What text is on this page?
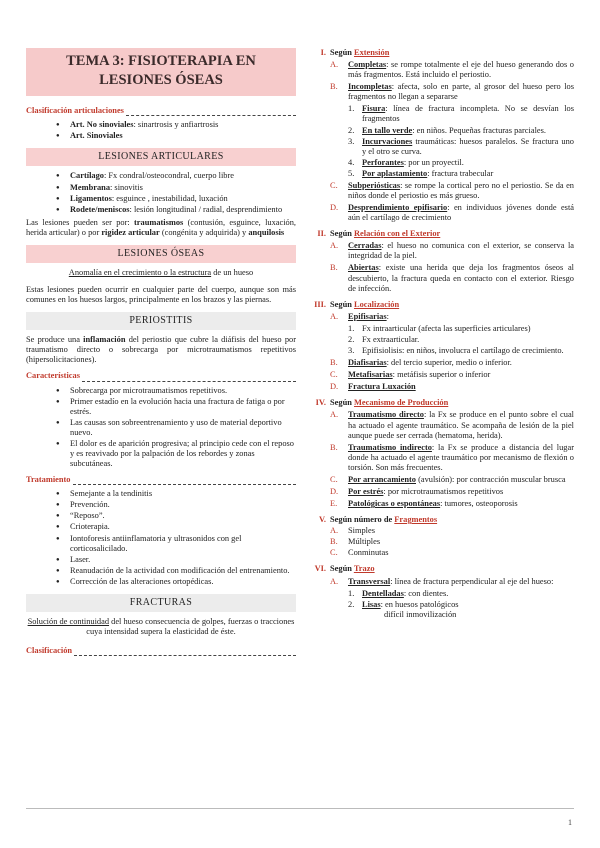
TEMA 3: FISIOTERAPIA EN LESIONES ÓSEAS
Clasificación articulaciones
● Art. No sinoviales: sinartrosis y anfiartrosis
● Art. Sinoviales
LESIONES ARTICULARES
● Cartílago: Fx condral/osteocondral, cuerpo libre
● Membrana: sinovitis
● Ligamentos: esguince , inestabilidad, luxación
● Rodete/meniscos: lesión longitudinal / radial, desprendimiento

Las lesiones pueden ser por: traumatismos (contusión, esguince, luxación, herida articular) o por rigidez articular (congénita y adquirida) y anquilosis

LESIONES ÓSEAS

Anomalía en el crecimiento o la estructura de un hueso

Estas lesiones pueden ocurrir en cualquier parte del cuerpo, aunque son más comunes en los huesos largos, principalmente en los brazos y las piernas.

PERIOSTITIS

Se produce una inflamación del periostio que cubre la diáfisis del hueso por traumatismo directo o sobrecarga por microtraumatismos repetitivos (hipersolicitaciones).

Características
● Sobrecarga por microtraumatismos repetitivos.
● Primer estadío en la evolución hacia una fractura de fatiga o por estrés.
● Las causas son sobreentrenamiento y uso de material deportivo nuevo.
● El dolor es de aparición progresiva; al principio cede con el reposo y es reavivado por la palpación de los rebordes y zonas subcutáneas.
Tratamiento
● Semejante a la tendinitis
● Prevención.
● “Reposo”.
● Crioterapia.
● Iontoforesis antiinflamatoria y ultrasonidos con gel corticosalicilado.
● Laser.
● Reanudación de la actividad con modificación del entrenamiento.
● Corrección de las alteraciones ortopédicas.
FRACTURAS

Solución de continuidad del hueso consecuencia de golpes, fuerzas o tracciones cuya intensidad supera la elasticidad de éste.

Clasificación
I. Según Extensión
A.	Completas: se rompe totalmente el eje del hueso generando dos o más fragmentos. Está incluido el periostio.
B.	Incompletas: afecta, solo en parte, al grosor del hueso pero los fragmentos no llegan a separarse
1. Fisura: línea de fractura incompleta. No se desvían los fragmentos
2. En tallo verde: en niños. Pequeñas fracturas parciales.
3. Incurvaciones traumáticas: huesos paralelos. Se fractura uno y el otro se curva.
4. Perforantes: por un proyectil.
5. Por aplastamiento: fractura trabecular
C.	Subperiósticas: se rompe la cortical pero no el periostio. Se da en niños donde el periostio es más grueso.
D.	Desprendimiento epifisario: en individuos jóvenes donde está aún el cartílago de crecimiento
II. Según Relación con el Exterior
A.	Cerradas: el hueso no comunica con el exterior, se conserva la integridad de la piel.
B.	Abiertas: existe una herida que deja los fragmentos óseos al descubierto, la fractura queda en contacto con el exterior. Riesgo de infección.
III. Según Localización
A.	Epifisarias:
1. Fx intraarticular (afecta las superficies articulares)
2. Fx extraarticular.
3. Epifisiolisis: en niños, involucra el cartílago de crecimiento.
B.	Diafisarias: del tercio superior, medio o inferior.
C.	Metafisarias: metáfisis superior o inferior
D.	Fractura Luxación
IV. Según Mecanismo de Producción
A.	Traumatismo directo: la Fx se produce en el punto sobre el cual ha actuado el agente traumático. Se acompaña de lesión de la piel aunque puede ser cerrada (hematoma, herida).
B.	Traumatismo indirecto: la Fx se produce a distancia del lugar donde ha actuado el agente traumático por mecanismo de flexión o torsión. Son más frecuentes.
C.	Por arrancamiento (avulsión): por contracción muscular brusca
D.	Por estrés: por microtraumatismos repetitivos
E.	Patológicas o espontáneas: tumores, osteoporosis
V. Según número de Fragmentos
A.	Simples
B.	Múltiples
C.	Conminutas
VI. Según Trazo
A.	Transversal: línea de fractura perpendicular al eje del hueso:
1. Dentelladas: con dientes.
2. Lisas: en huesos patológicos
difícil inmovilización
1
